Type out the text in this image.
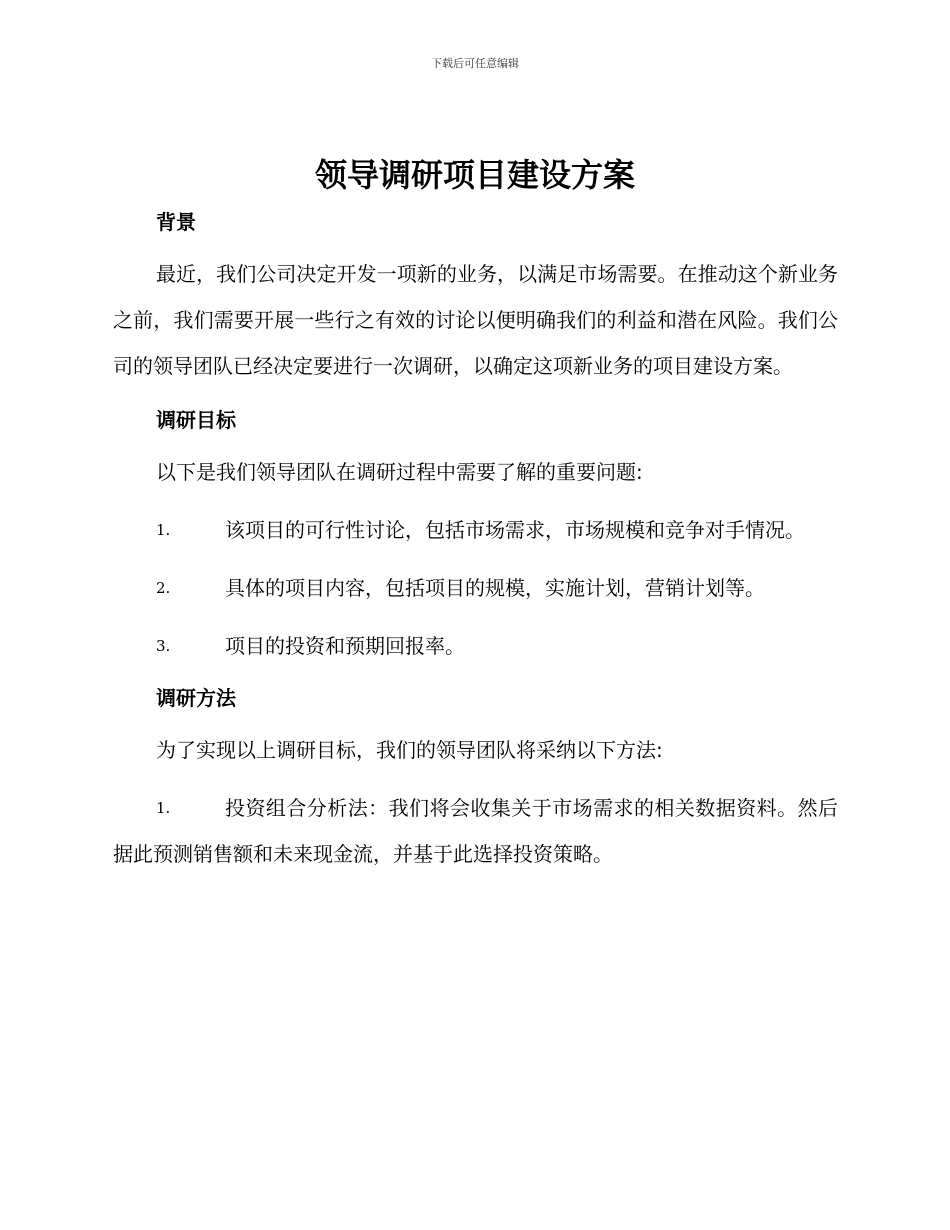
下载后可任意编辑
领导调研项目建设方案
背景
最近，我们公司决定开发一项新的业务，以满足市场需要。在推动这个新业务之前，我们需要开展一些行之有效的讨论以便明确我们的利益和潜在风险。我们公司的领导团队已经决定要进行一次调研，以确定这项新业务的项目建设方案。
调研目标
以下是我们领导团队在调研过程中需要了解的重要问题:
1.	该项目的可行性讨论，包括市场需求，市场规模和竞争对手情况。
2.	具体的项目内容，包括项目的规模，实施计划，营销计划等。
3.	项目的投资和预期回报率。
调研方法
为了实现以上调研目标，我们的领导团队将采纳以下方法:
1.	投资组合分析法：我们将会收集关于市场需求的相关数据资料。然后据此预测销售额和未来现金流，并基于此选择投资策略。
